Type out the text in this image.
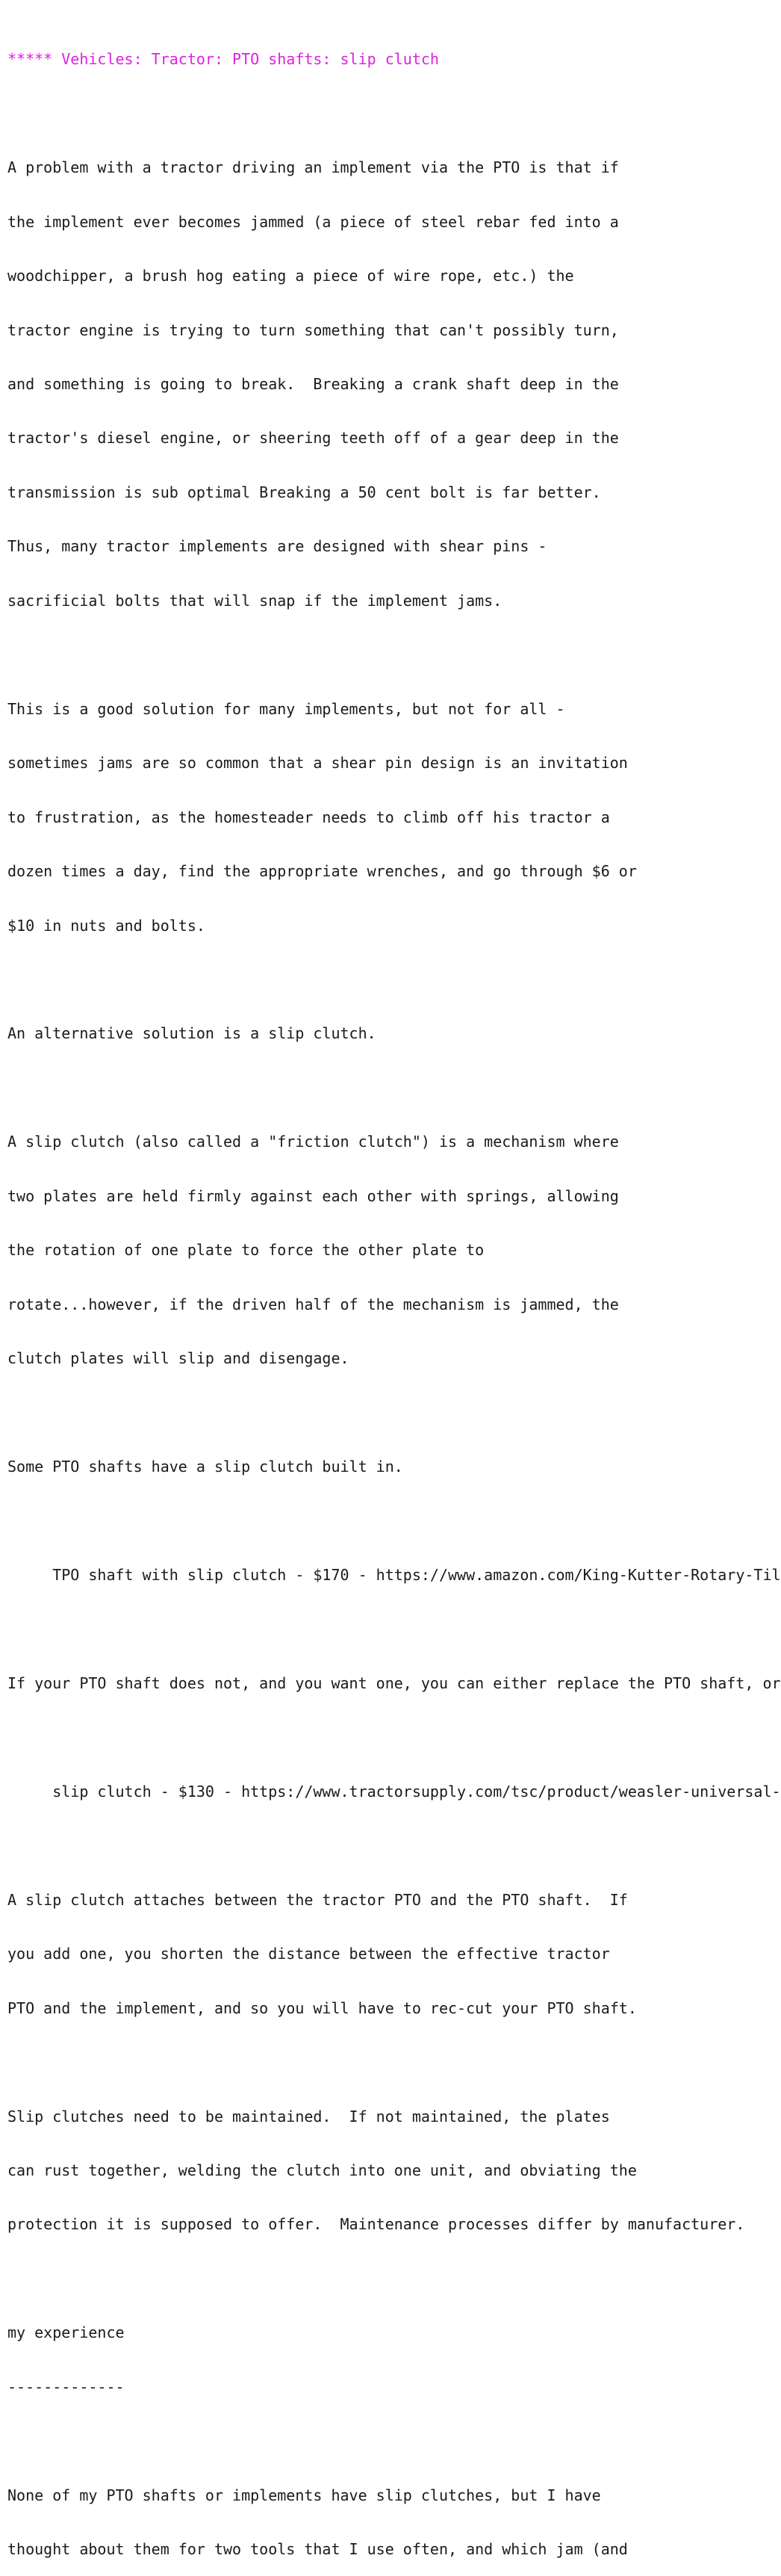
***** Vehicles: Tractor: PTO shafts: slip clutch

A problem with a tractor driving an implement via the PTO is that if

the implement ever becomes jammed (a piece of steel rebar fed into a

woodchipper, a brush hog eating a piece of wire rope, etc.) the

tractor engine is trying to turn something that can't possibly turn,

and something is going to break.  Breaking a crank shaft deep in the

tractor's diesel engine, or sheering teeth off of a gear deep in the

transmission is sub optimal Breaking a 50 cent bolt is far better.

Thus, many tractor implements are designed with shear pins -

sacrificial bolts that will snap if the implement jams.

This is a good solution for many implements, but not for all -

sometimes jams are so common that a shear pin design is an invitation

to frustration, as the homesteader needs to climb off his tractor a

dozen times a day, find the appropriate wrenches, and go through $6 or

$10 in nuts and bolts.

An alternative solution is a slip clutch.

A slip clutch (also called a "friction clutch") is a mechanism where

two plates are held firmly against each other with springs, allowing

the rotation of one plate to force the other plate to

rotate...however, if the driven half of the mechanism is jammed, the

clutch plates will slip and disengage.

Some PTO shafts have a slip clutch built in.

TPO shaft with slip clutch - $170 - https://www.amazon.com/King-Kutter-Rotary-Til

If your PTO shaft does not, and you want one, you can either replace the PTO shaft, or

slip clutch - $130 - https://www.tractorsupply.com/tsc/product/weasler-universal-

A slip clutch attaches between the tractor PTO and the PTO shaft.  If

you add one, you shorten the distance between the effective tractor

PTO and the implement, and so you will have to rec-cut your PTO shaft.

Slip clutches need to be maintained.  If not maintained, the plates

can rust together, welding the clutch into one unit, and obviating the

protection it is supposed to offer.  Maintenance processes differ by manufacturer.

my experience

-------------

None of my PTO shafts or implements have slip clutches, but I have

thought about them for two tools that I use often, and which jam (and
